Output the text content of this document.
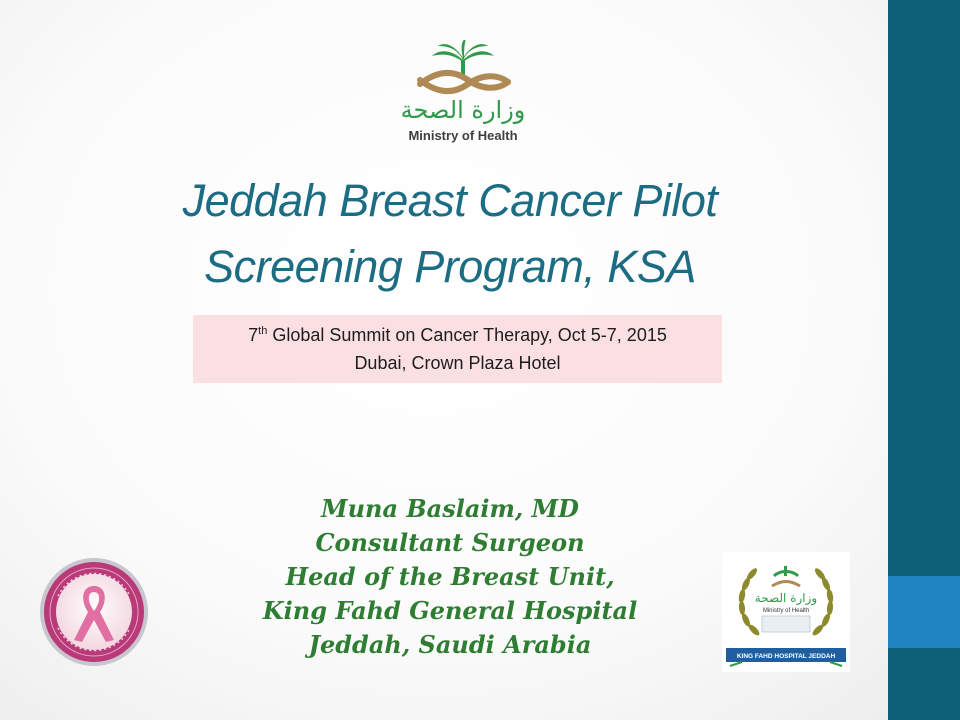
وزارة الصحة
Ministry of Health
Jeddah Breast Cancer Pilot
Screening Program, KSA
7th Global Summit on Cancer Therapy, Oct 5-7, 2015
Dubai, Crown Plaza Hotel
Muna Baslaim, MD
Consultant Surgeon
Head of the Breast Unit,
King Fahd General Hospital
Jeddah, Saudi Arabia
وزارة الصحة
Ministry of Health
KING FAHD HOSPITAL JEDDAH
